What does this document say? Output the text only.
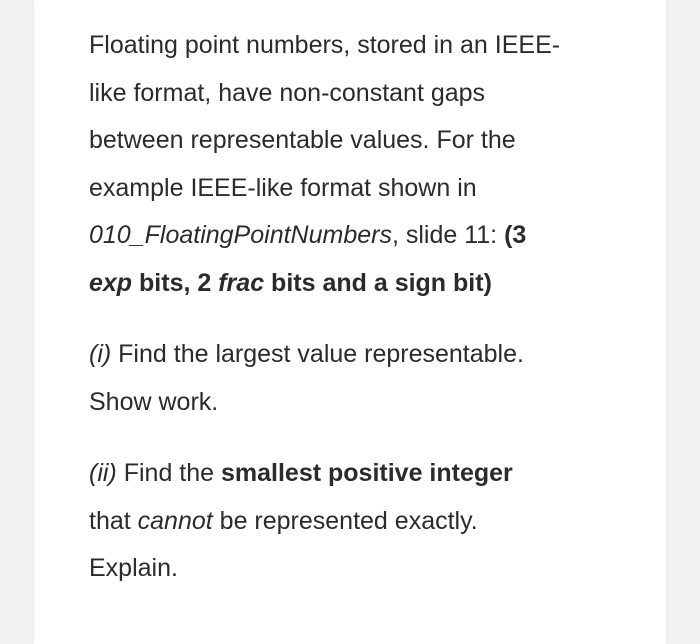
Floating point numbers, stored in an IEEE-
like format, have non-constant gaps
between representable values. For the
example IEEE-like format shown in
010_FloatingPointNumbers, slide 11: (3
exp bits, 2 frac bits and a sign bit)

(i) Find the largest value representable.
Show work.

(ii) Find the smallest positive integer
that cannot be represented exactly.
Explain.
